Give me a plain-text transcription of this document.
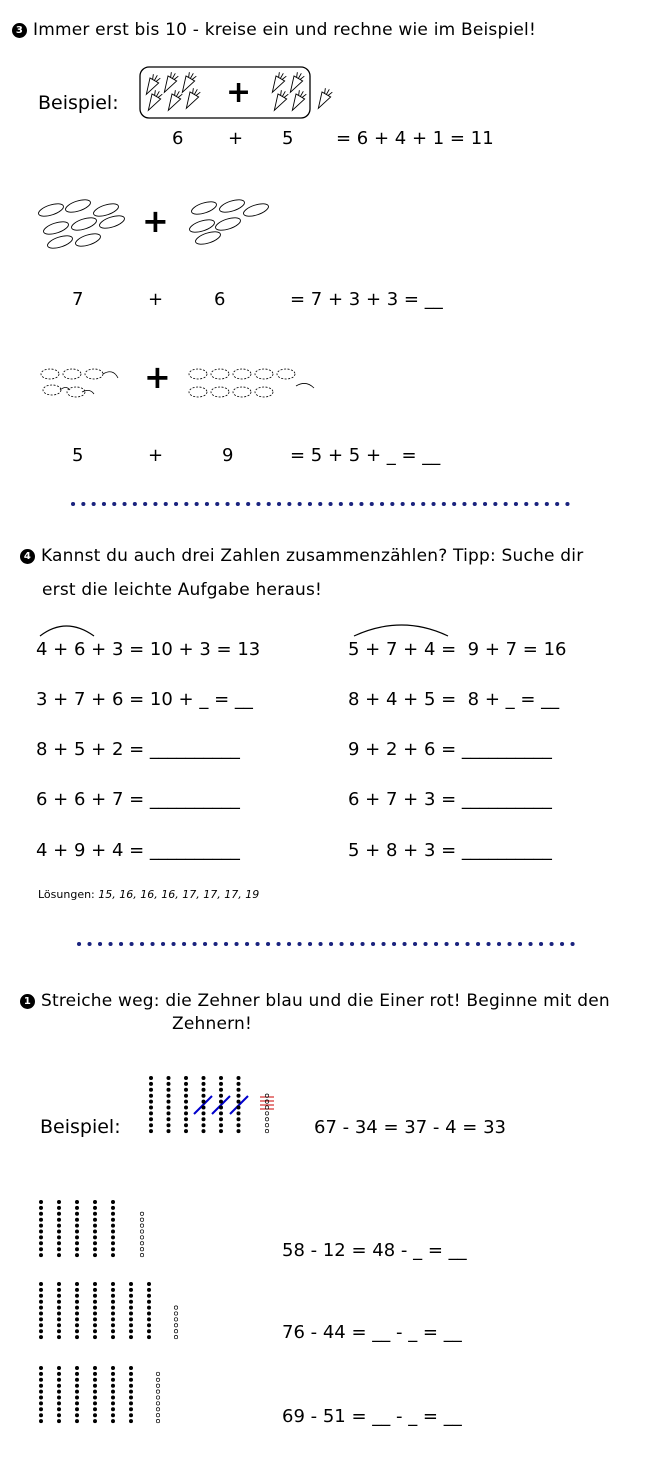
3 Immer erst bis 10 - kreise ein und rechne wie im Beispiel!
Beispiel:	+
6 + 5 = 6 + 4 + 1 = 11
+
7	+	6	= 7 + 3 + 3 = __
+
5	+	9	= 5 + 5 + _ = __
4 Kannst du auch drei Zahlen zusammenzählen? Tipp: Suche dir
erst die leichte Aufgabe heraus!
4 + 6 + 3 = 10 + 3 = 13
3 + 7 + 6 = 10 + _ = __
8 + 5 + 2 = __________
6 + 6 + 7 = __________
4 + 9 + 4 = __________
5 + 7 + 4 =  9 + 7 = 16
8 + 4 + 5 =  8 + _ = __
9 + 2 + 6 = __________
6 + 7 + 3 = __________
5 + 8 + 3 = __________
Lösungen: 15, 16, 16, 16, 17, 17, 17, 19
1 Streiche weg: die Zehner blau und die Einer rot! Beginne mit den
Zehnern!
Beispiel:	67 - 34 = 37 - 4 = 33
58 - 12 = 48 - _ = __
76 - 44 = __ - _ = __
69 - 51 = __ - _ = __
